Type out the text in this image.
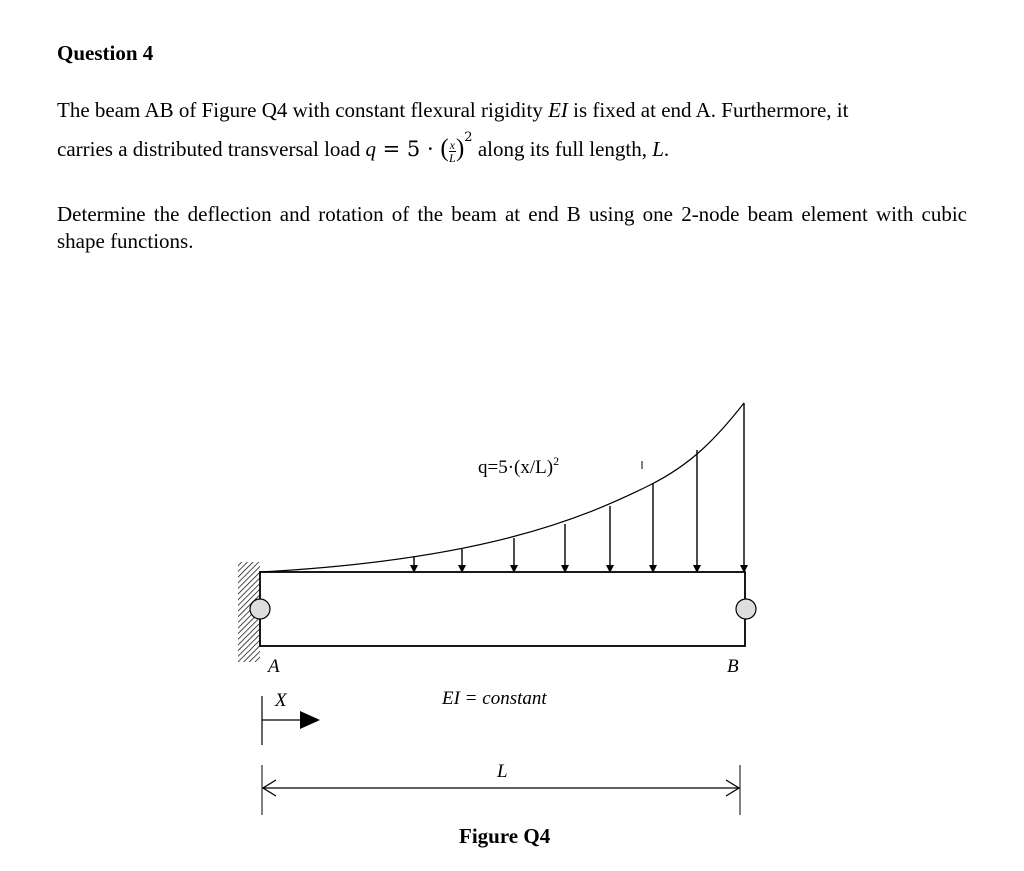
Question 4

The beam AB of Figure Q4 with constant flexural rigidity EI is fixed at end A. Furthermore, it
carries a distributed transversal load q = 5 · ( $\frac{x}{L} )^2$ along its full length, L.

Determine the deflection and rotation of the beam at end B using one 2-node beam element with cubic shape functions.

$q=5\cdot(x/L)^2$
A	B
X	EI = constant
L
Figure Q4
